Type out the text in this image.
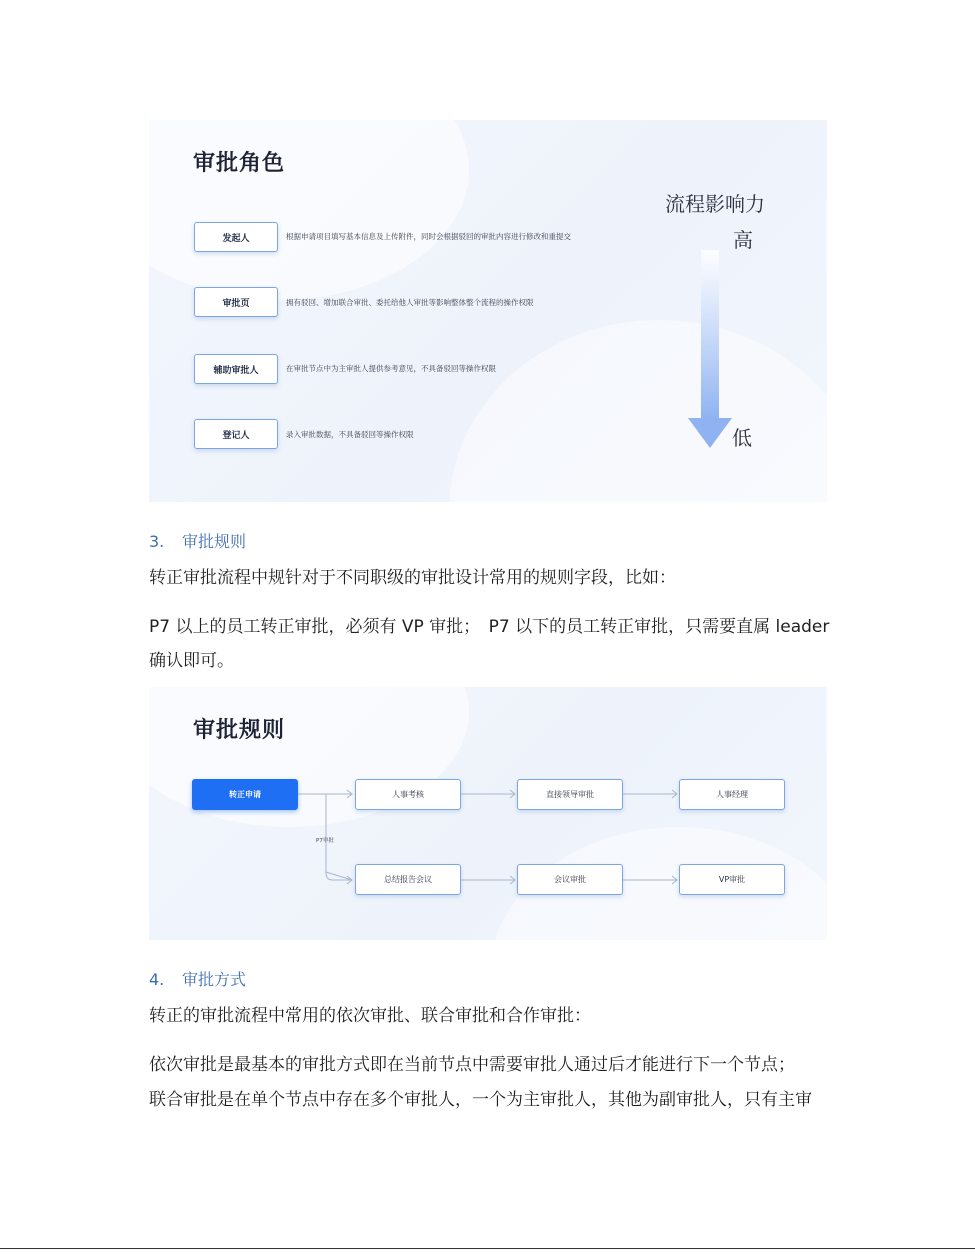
审批角色
发起人	根据申请项目填写基本信息及上传附件，同时会根据驳回的审批内容进行修改和重提交
审批页	拥有驳回、增加联合审批、委托给他人审批等影响整体整个流程的操作权限
辅助审批人	在审批节点中为主审批人提供参考意见，不具备驳回等操作权限
登记人	录入审批数据，不具备驳回等操作权限
流程影响力
高
低
3. 审批规则
转正审批流程中规针对于不同职级的审批设计常用的规则字段，比如：
P7 以上的员工转正审批，必须有 VP 审批；　P7 以下的员工转正审批，只需要直属 leader
确认即可。
审批规则
转正申请	人事考核	直接领导审批	人事经理
P7审批
总结报告会议	会议审批	VP审批
4. 审批方式
转正的审批流程中常用的依次审批、联合审批和合作审批：
依次审批是最基本的审批方式即在当前节点中需要审批人通过后才能进行下一个节点；
联合审批是在单个节点中存在多个审批人，一个为主审批人，其他为副审批人，只有主审
